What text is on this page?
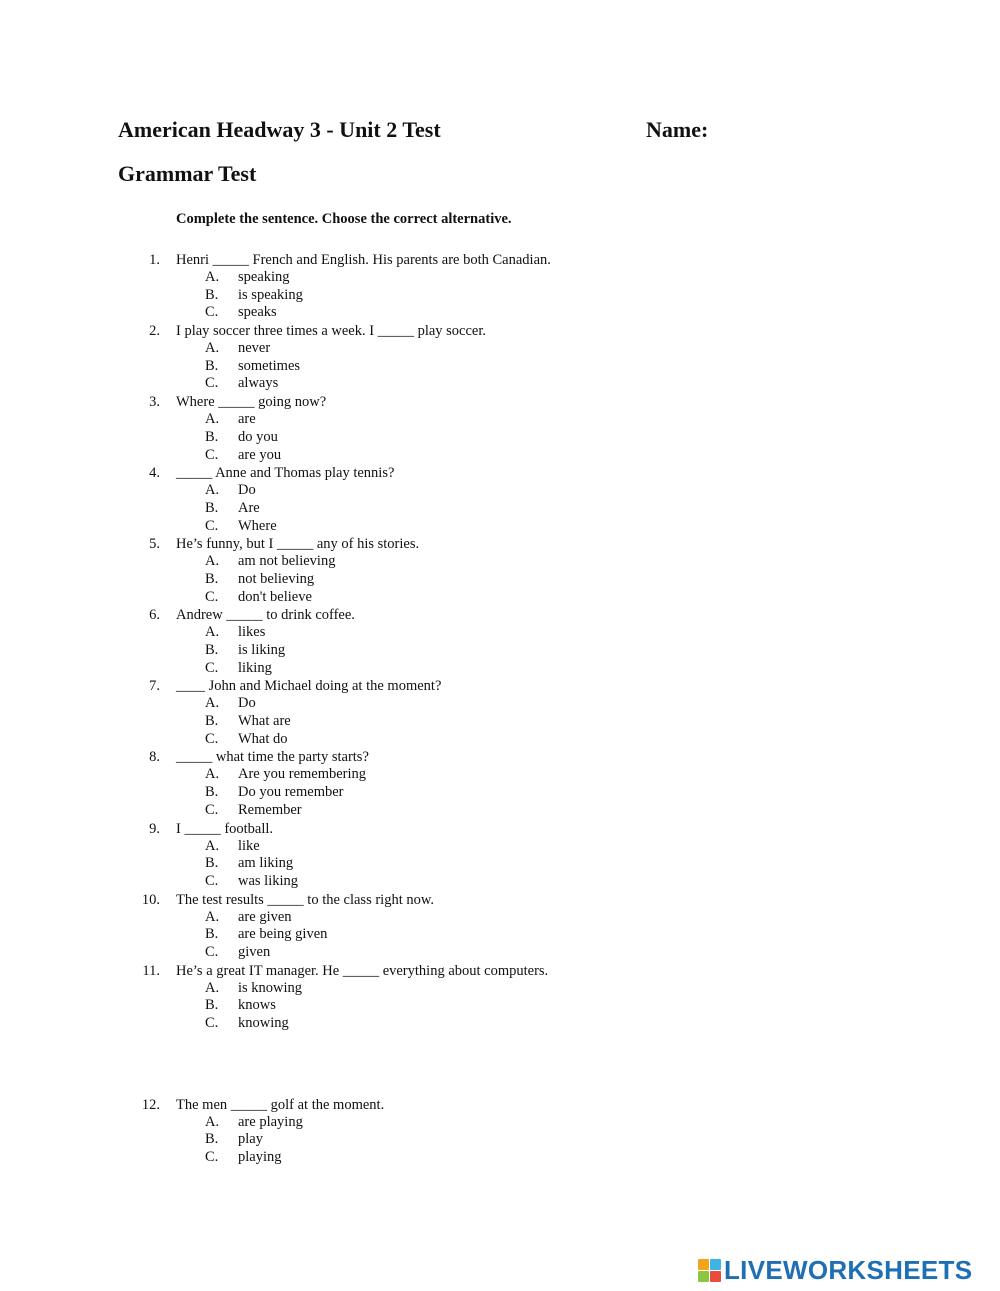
American Headway 3 - Unit 2 Test	Name:
Grammar Test
Complete the sentence. Choose the correct alternative.
1. Henri _____ French and English. His parents are both Canadian.
A. speaking
B. is speaking
C. speaks
2. I play soccer three times a week. I _____ play soccer.
A. never
B. sometimes
C. always
3. Where _____ going now?
A. are
B. do you
C. are you
4. _____ Anne and Thomas play tennis?
A. Do
B. Are
C. Where
5. He’s funny, but I _____ any of his stories.
A. am not believing
B. not believing
C. don't believe
6. Andrew _____ to drink coffee.
A. likes
B. is liking
C. liking
7. ____ John and Michael doing at the moment?
A. Do
B. What are
C. What do
8. _____ what time the party starts?
A. Are you remembering
B. Do you remember
C. Remember
9. I _____ football.
A. like
B. am liking
C. was liking
10. The test results _____ to the class right now.
A. are given
B. are being given
C. given
11. He’s a great IT manager. He _____ everything about computers.
A. is knowing
B. knows
C. knowing
12. The men _____ golf at the moment.
A. are playing
B. play
C. playing
LIVEWORKSHEETS
